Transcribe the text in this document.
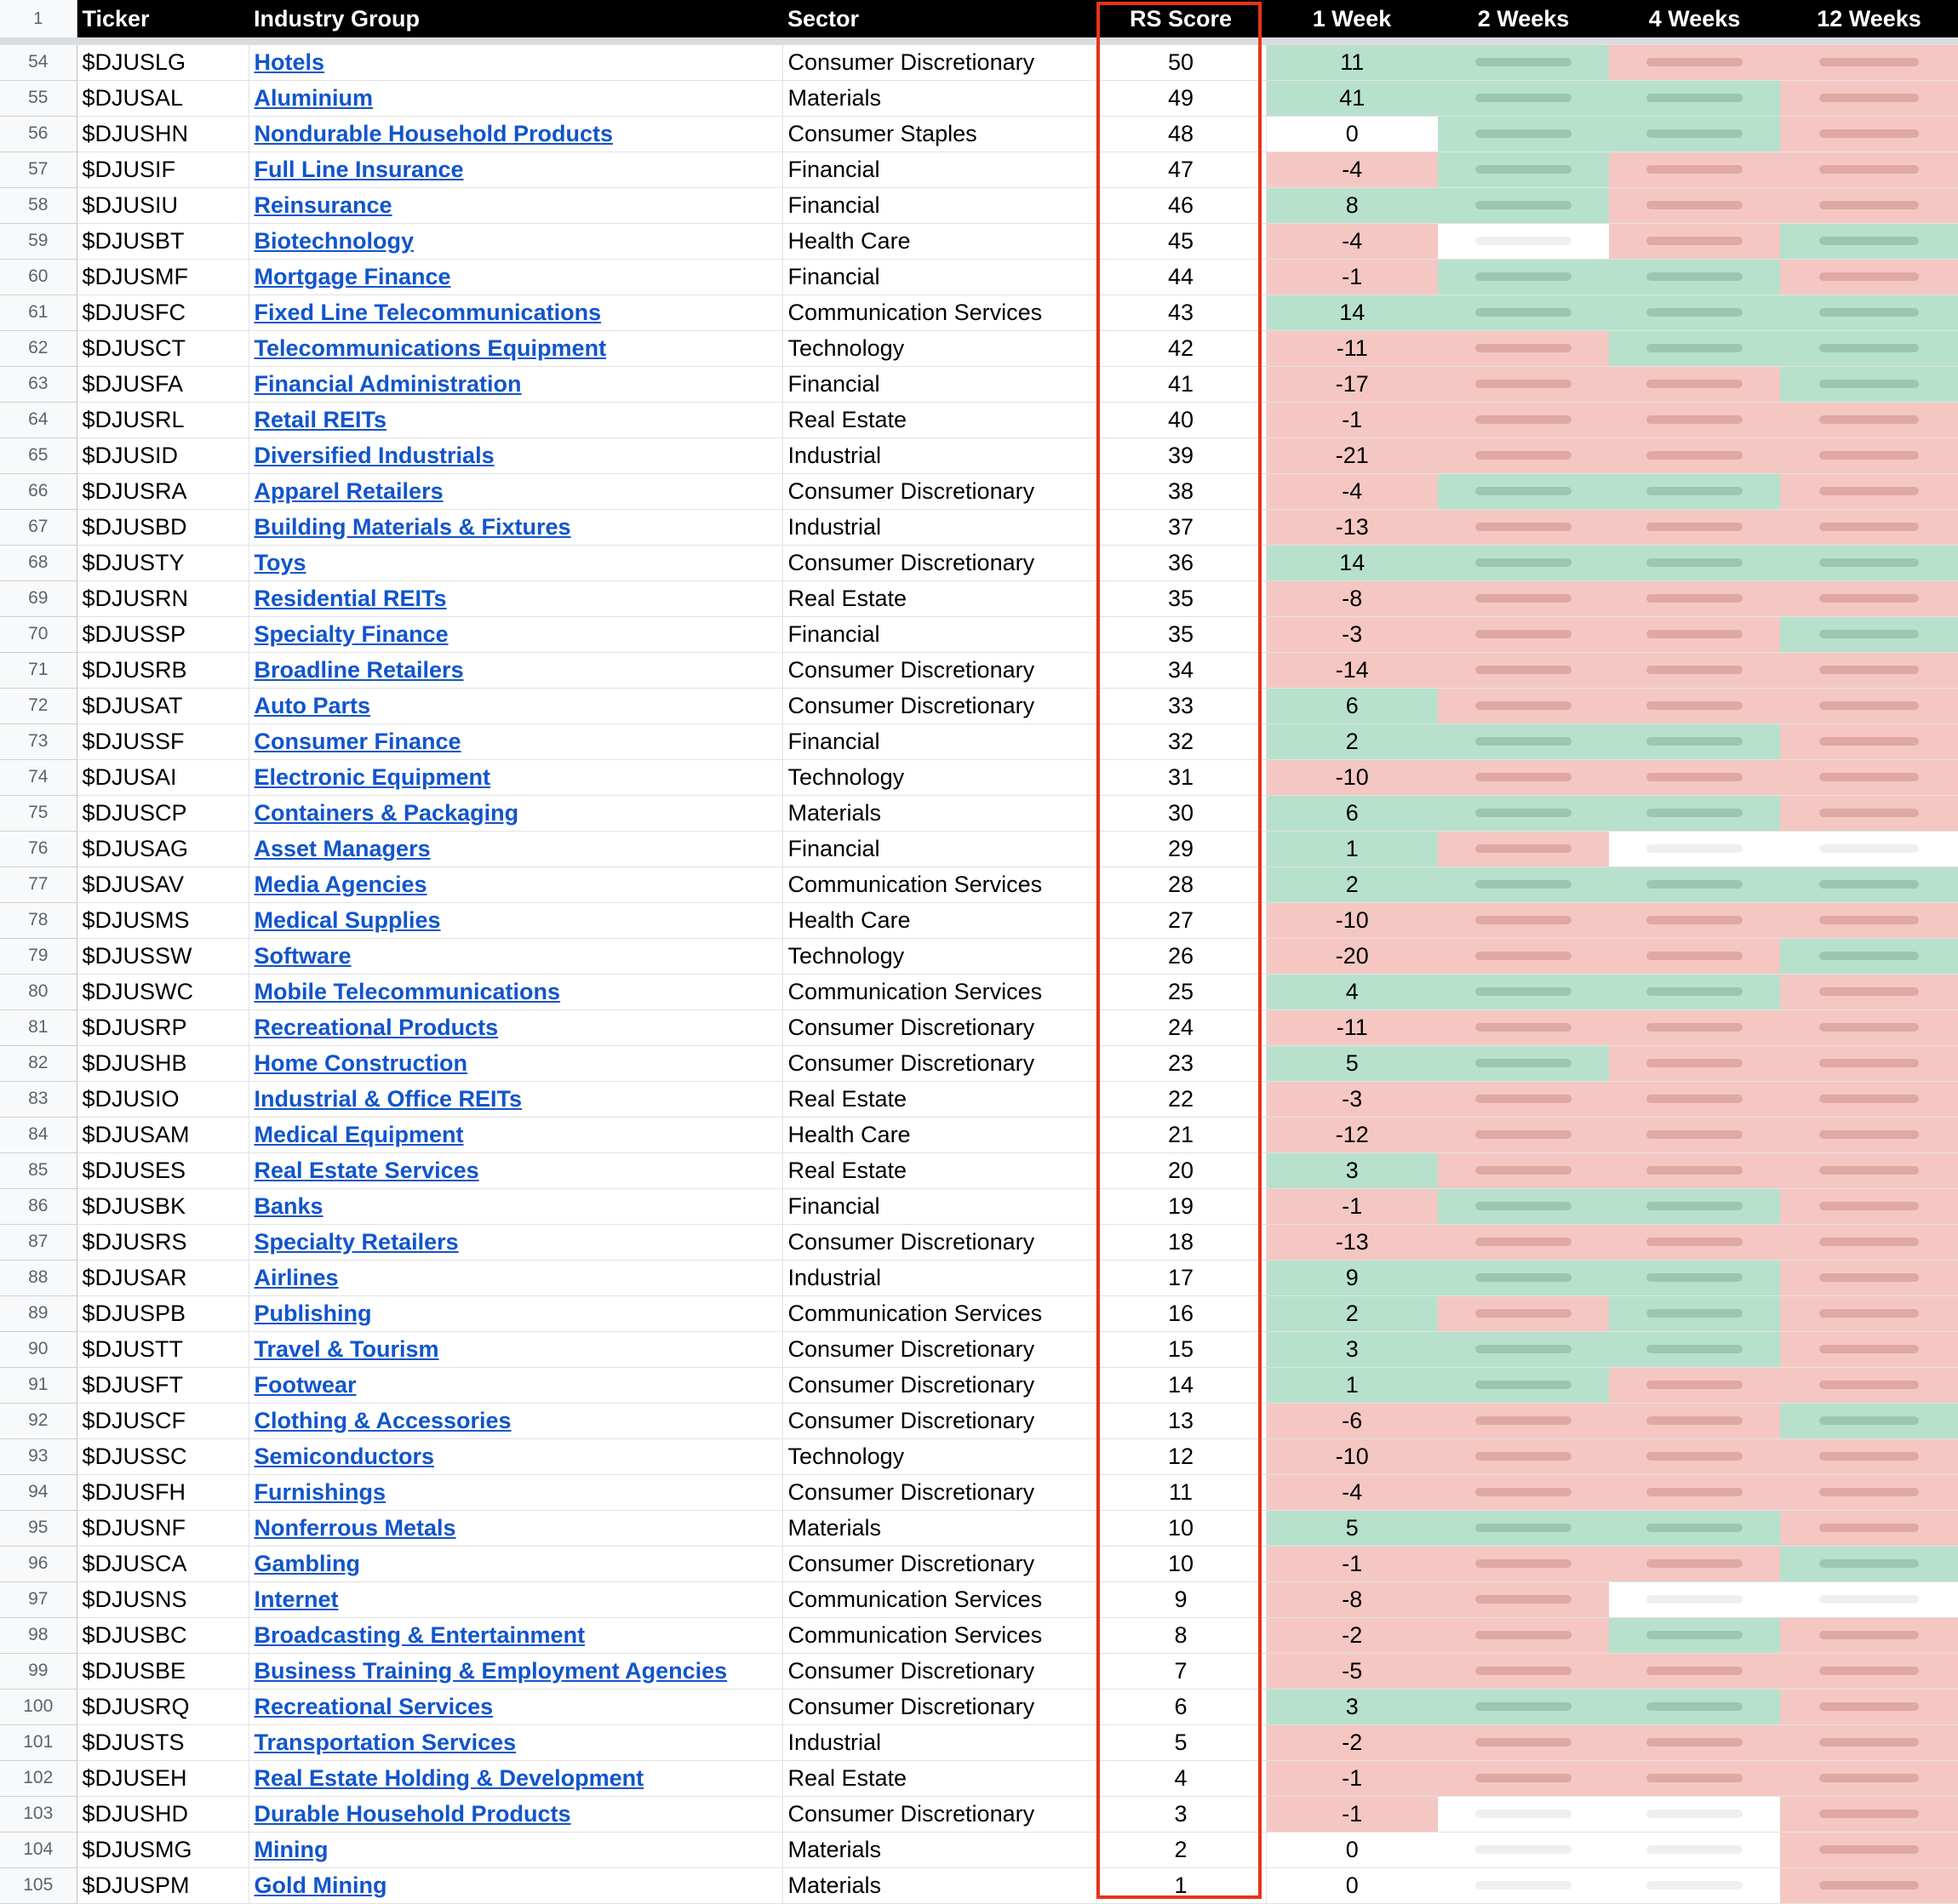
1	Ticker	Industry Group	Sector	RS Score	1 Week	2 Weeks	4 Weeks	12 Weeks

54	$DJUSLG	Hotels	Consumer Discretionary	50	11	

55	$DJUSAL	Aluminium	Materials	49	41	

56	$DJUSHN	Nondurable Household Products	Consumer Staples	48	0	

57	$DJUSIF	Full Line Insurance	Financial	47	-4	

58	$DJUSIU	Reinsurance	Financial	46	8	

59	$DJUSBT	Biotechnology	Health Care	45	-4	

60	$DJUSMF	Mortgage Finance	Financial	44	-1	

61	$DJUSFC	Fixed Line Telecommunications	Communication Services	43	14	

62	$DJUSCT	Telecommunications Equipment	Technology	42	-11	

63	$DJUSFA	Financial Administration	Financial	41	-17	

64	$DJUSRL	Retail REITs	Real Estate	40	-1	

65	$DJUSID	Diversified Industrials	Industrial	39	-21	

66	$DJUSRA	Apparel Retailers	Consumer Discretionary	38	-4	

67	$DJUSBD	Building Materials & Fixtures	Industrial	37	-13	

68	$DJUSTY	Toys	Consumer Discretionary	36	14	

69	$DJUSRN	Residential REITs	Real Estate	35	-8	

70	$DJUSSP	Specialty Finance	Financial	35	-3	

71	$DJUSRB	Broadline Retailers	Consumer Discretionary	34	-14	

72	$DJUSAT	Auto Parts	Consumer Discretionary	33	6	

73	$DJUSSF	Consumer Finance	Financial	32	2	

74	$DJUSAI	Electronic Equipment	Technology	31	-10	

75	$DJUSCP	Containers & Packaging	Materials	30	6	

76	$DJUSAG	Asset Managers	Financial	29	1	

77	$DJUSAV	Media Agencies	Communication Services	28	2	

78	$DJUSMS	Medical Supplies	Health Care	27	-10	

79	$DJUSSW	Software	Technology	26	-20	

80	$DJUSWC	Mobile Telecommunications	Communication Services	25	4	

81	$DJUSRP	Recreational Products	Consumer Discretionary	24	-11	

82	$DJUSHB	Home Construction	Consumer Discretionary	23	5	

83	$DJUSIO	Industrial & Office REITs	Real Estate	22	-3	

84	$DJUSAM	Medical Equipment	Health Care	21	-12	

85	$DJUSES	Real Estate Services	Real Estate	20	3	

86	$DJUSBK	Banks	Financial	19	-1	

87	$DJUSRS	Specialty Retailers	Consumer Discretionary	18	-13	

88	$DJUSAR	Airlines	Industrial	17	9	

89	$DJUSPB	Publishing	Communication Services	16	2	

90	$DJUSTT	Travel & Tourism	Consumer Discretionary	15	3	

91	$DJUSFT	Footwear	Consumer Discretionary	14	1	

92	$DJUSCF	Clothing & Accessories	Consumer Discretionary	13	-6	

93	$DJUSSC	Semiconductors	Technology	12	-10	

94	$DJUSFH	Furnishings	Consumer Discretionary	11	-4	

95	$DJUSNF	Nonferrous Metals	Materials	10	5	

96	$DJUSCA	Gambling	Consumer Discretionary	10	-1	

97	$DJUSNS	Internet	Communication Services	9	-8	

98	$DJUSBC	Broadcasting & Entertainment	Communication Services	8	-2	

99	$DJUSBE	Business Training & Employment Agencies	Consumer Discretionary	7	-5	

100	$DJUSRQ	Recreational Services	Consumer Discretionary	6	3	

101	$DJUSTS	Transportation Services	Industrial	5	-2	

102	$DJUSEH	Real Estate Holding & Development	Real Estate	4	-1	

103	$DJUSHD	Durable Household Products	Consumer Discretionary	3	-1	

104	$DJUSMG	Mining	Materials	2	0	

105	$DJUSPM	Gold Mining	Materials	1	0	
